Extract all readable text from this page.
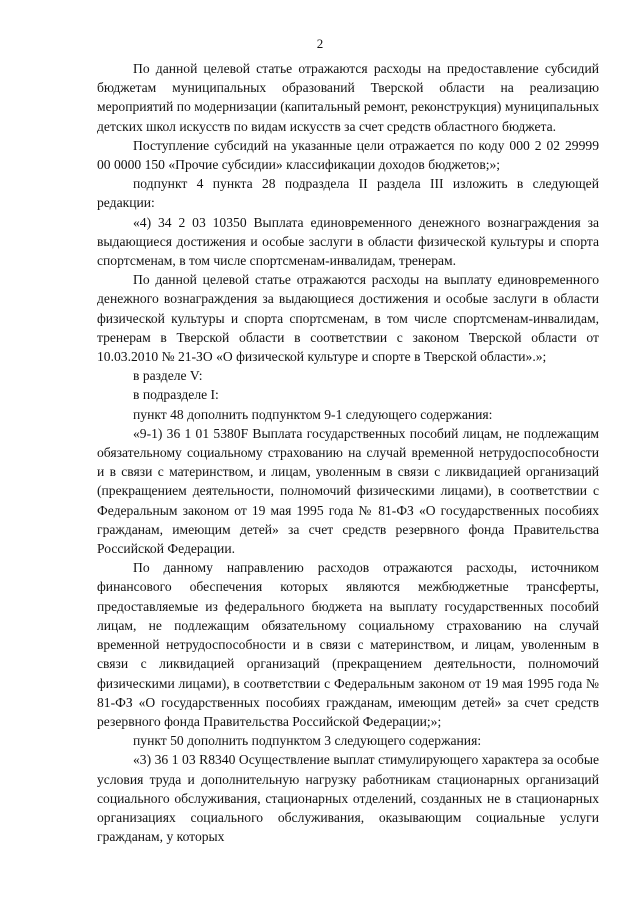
2

По данной целевой статье отражаются расходы на предоставление субсидий бюджетам муниципальных образований Тверской области на реализацию мероприятий по модернизации (капитальный ремонт, реконструкция) муниципальных детских школ искусств по видам искусств за счет средств областного бюджета.

Поступление субсидий на указанные цели отражается по коду 000 2 02 29999 00 0000 150 «Прочие субсидии» классификации доходов бюджетов;»;

подпункт 4 пункта 28 подраздела II раздела III изложить в следующей редакции:

«4) 34 2 03 10350 Выплата единовременного денежного вознаграждения за выдающиеся достижения и особые заслуги в области физической культуры и спорта спортсменам, в том числе спортсменам-инвалидам, тренерам.

По данной целевой статье отражаются расходы на выплату единовременного денежного вознаграждения за выдающиеся достижения и особые заслуги в области физической культуры и спорта спортсменам, в том числе спортсменам-инвалидам, тренерам в Тверской области в соответствии с законом Тверской области от 10.03.2010 № 21-ЗО «О физической культуре и спорте в Тверской области».»;

в разделе V:

в подразделе I:

пункт 48 дополнить подпунктом 9-1 следующего содержания:

«9-1) 36 1 01 5380F Выплата государственных пособий лицам, не подлежащим обязательному социальному страхованию на случай временной нетрудоспособности и в связи с материнством, и лицам, уволенным в связи с ликвидацией организаций (прекращением деятельности, полномочий физическими лицами), в соответствии с Федеральным законом от 19 мая 1995 года № 81-ФЗ «О государственных пособиях гражданам, имеющим детей» за счет средств резервного фонда Правительства Российской Федерации.

По данному направлению расходов отражаются расходы, источником финансового обеспечения которых являются межбюджетные трансферты, предоставляемые из федерального бюджета на выплату государственных пособий лицам, не подлежащим обязательному социальному страхованию на случай временной нетрудоспособности и в связи с материнством, и лицам, уволенным в связи с ликвидацией организаций (прекращением деятельности, полномочий физическими лицами), в соответствии с Федеральным законом от 19 мая 1995 года № 81-ФЗ «О государственных пособиях гражданам, имеющим детей» за счет средств резервного фонда Правительства Российской Федерации;»;

пункт 50 дополнить подпунктом 3 следующего содержания:

«3) 36 1 03 R8340 Осуществление выплат стимулирующего характера за особые условия труда и дополнительную нагрузку работникам стационарных организаций социального обслуживания, стационарных отделений, созданных не в стационарных организациях социального обслуживания, оказывающим социальные услуги гражданам, у которых
